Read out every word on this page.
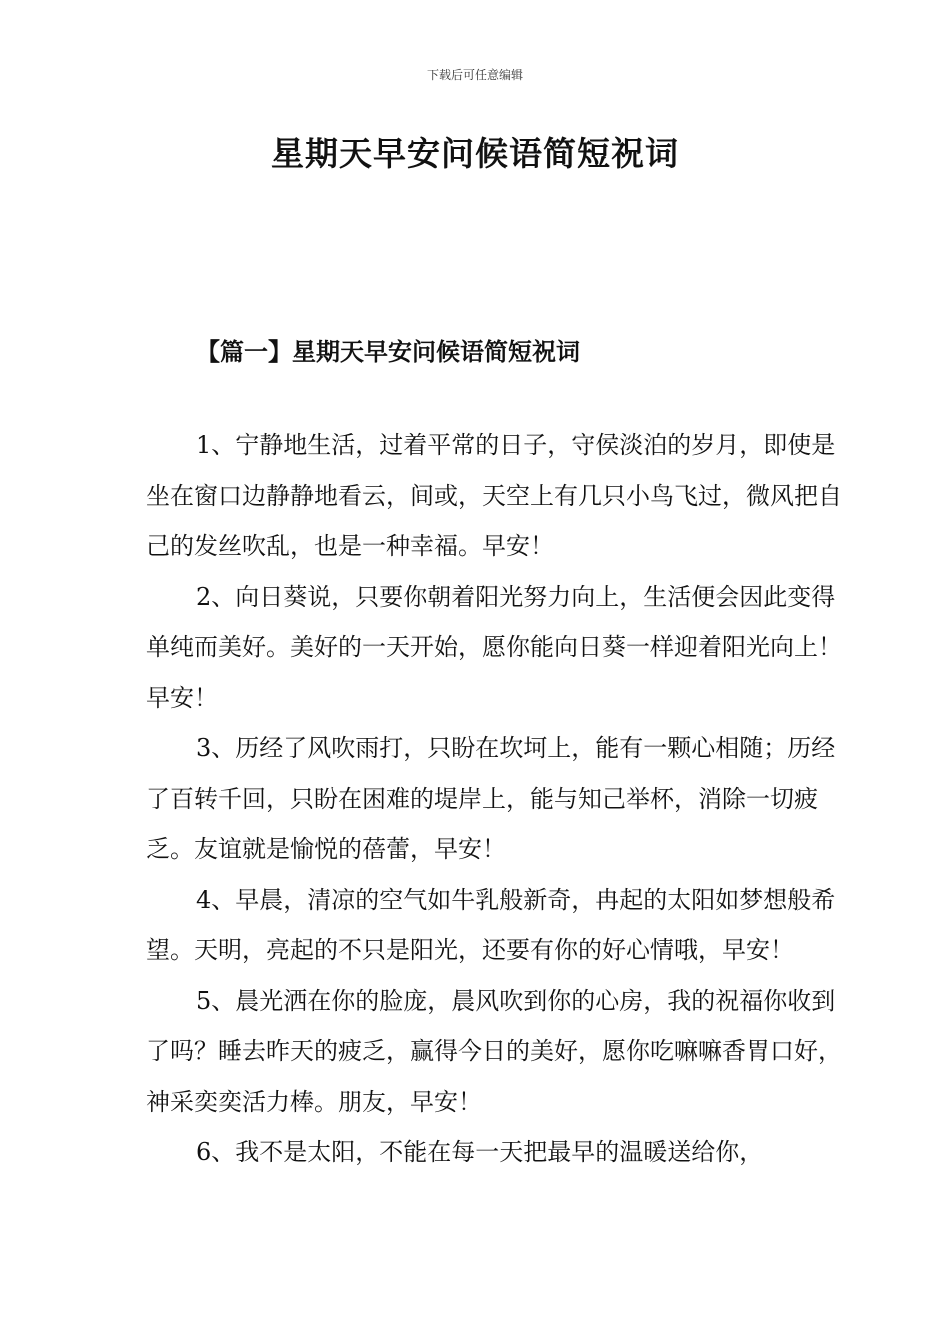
下载后可任意编辑
星期天早安问候语简短祝词
【篇一】星期天早安问候语简短祝词

1、宁静地生活，过着平常的日子，守侯淡泊的岁月，即使是坐在窗口边静静地看云，间或，天空上有几只小鸟飞过，微风把自己的发丝吹乱，也是一种幸福。早安！

2、向日葵说，只要你朝着阳光努力向上，生活便会因此变得单纯而美好。美好的一天开始，愿你能向日葵一样迎着阳光向上！早安！

3、历经了风吹雨打，只盼在坎坷上，能有一颗心相随；历经了百转千回，只盼在困难的堤岸上，能与知己举杯，消除一切疲乏。友谊就是愉悦的蓓蕾，早安！

4、早晨，清凉的空气如牛乳般新奇，冉起的太阳如梦想般希望。天明，亮起的不只是阳光，还要有你的好心情哦，早安！

5、晨光洒在你的脸庞，晨风吹到你的心房，我的祝福你收到了吗？睡去昨天的疲乏，赢得今日的美好，愿你吃嘛嘛香胃口好，神采奕奕活力棒。朋友，早安！

6、我不是太阳，不能在每一天把最早的温暖送给你，
